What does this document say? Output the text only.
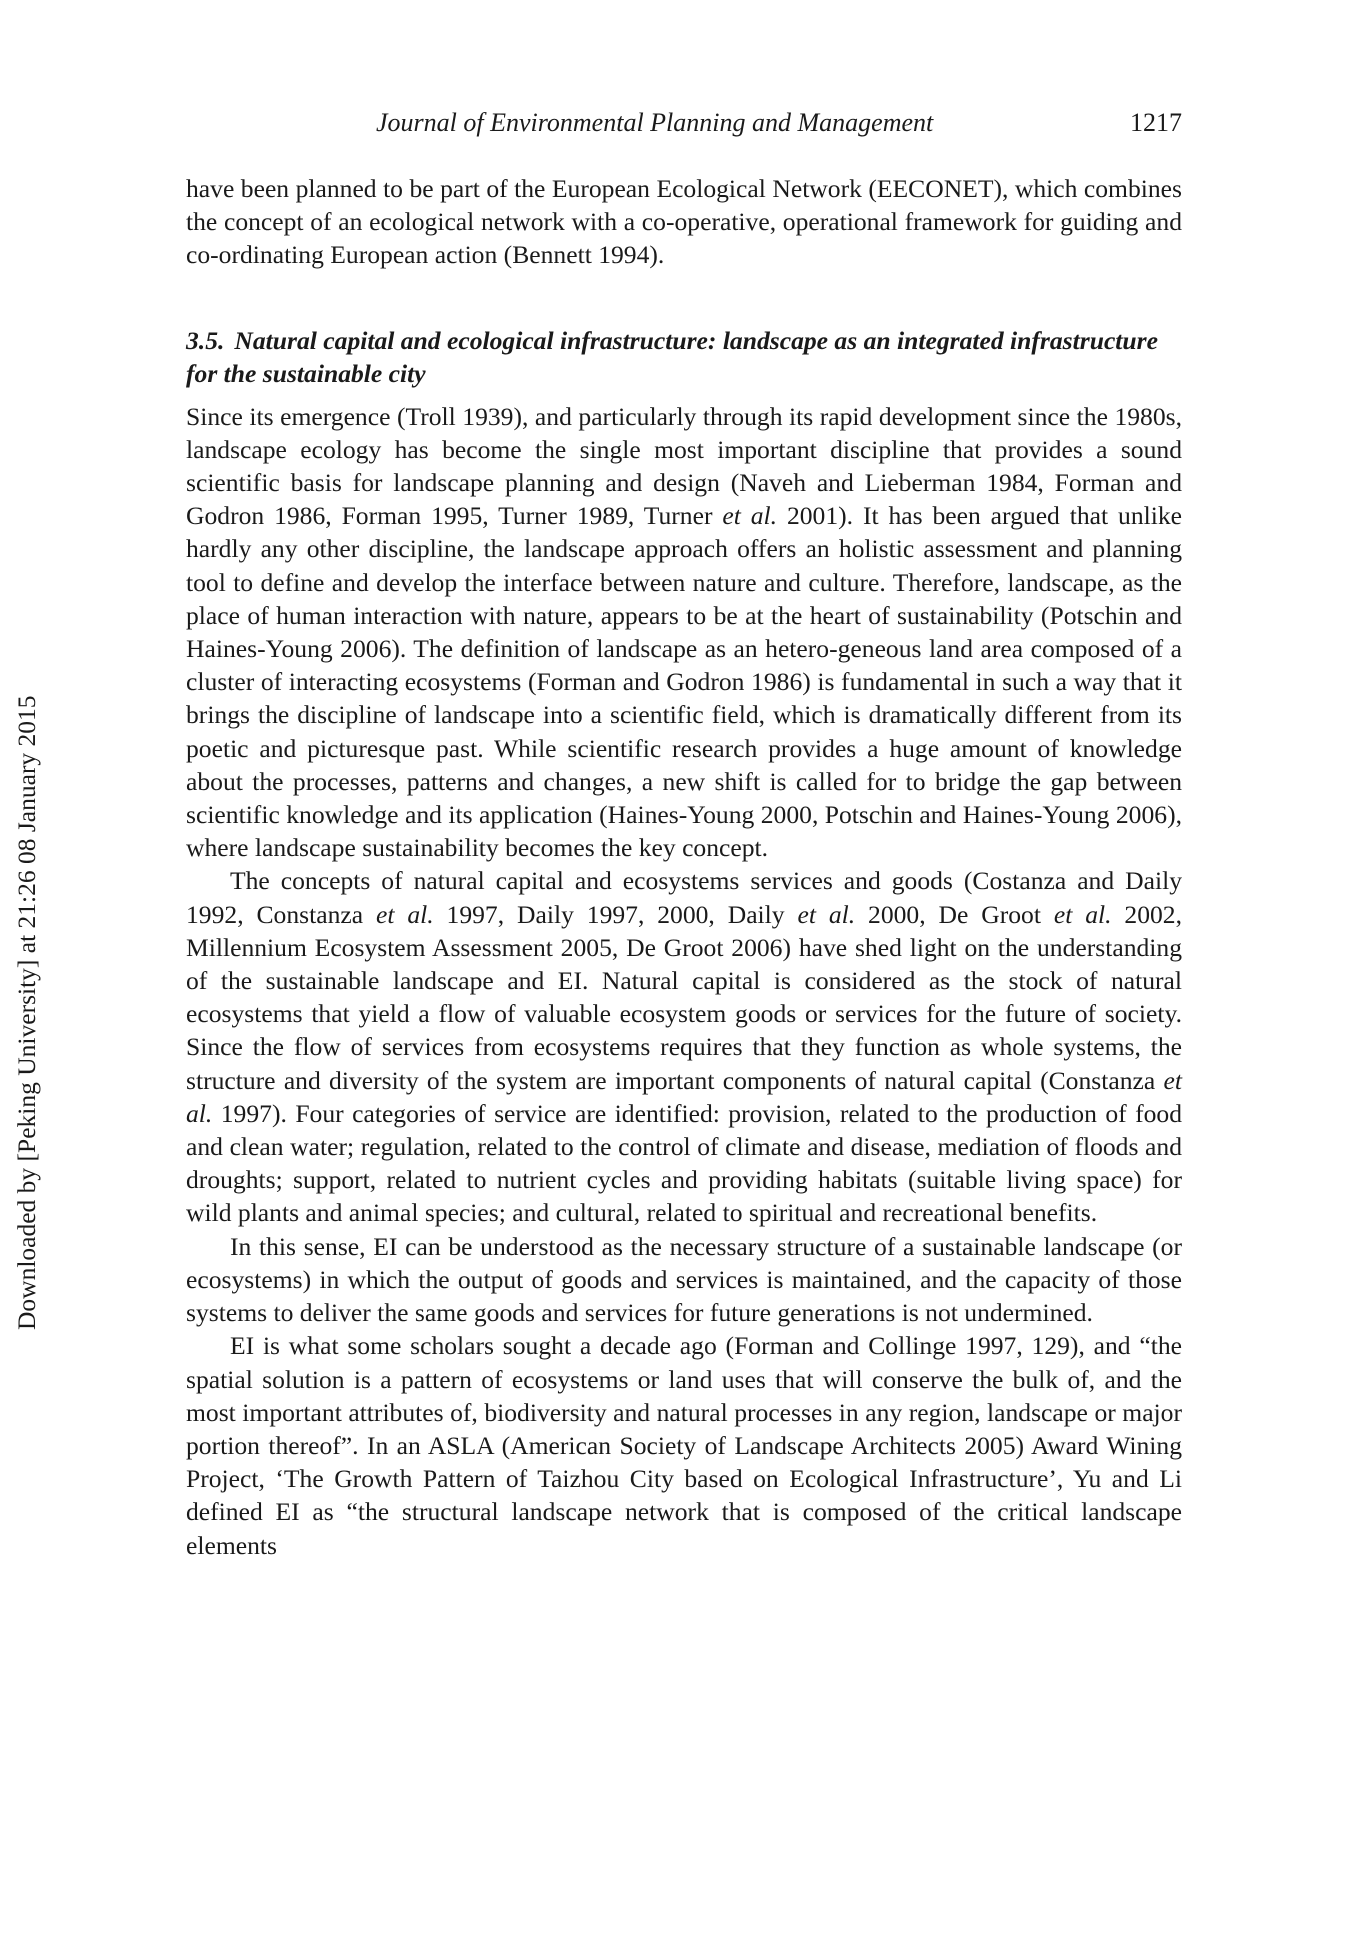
Journal of Environmental Planning and Management	1217
Downloaded by [Peking University] at 21:26 08 January 2015

have been planned to be part of the European Ecological Network (EECONET), which combines the concept of an ecological network with a co-operative, operational framework for guiding and co-ordinating European action (Bennett 1994).

3.5. Natural capital and ecological infrastructure: landscape as an integrated infrastructure for the sustainable city

Since its emergence (Troll 1939), and particularly through its rapid development since the 1980s, landscape ecology has become the single most important discipline that provides a sound scientific basis for landscape planning and design (Naveh and Lieberman 1984, Forman and Godron 1986, Forman 1995, Turner 1989, Turner et al. 2001). It has been argued that unlike hardly any other discipline, the landscape approach offers an holistic assessment and planning tool to define and develop the interface between nature and culture. Therefore, landscape, as the place of human interaction with nature, appears to be at the heart of sustainability (Potschin and Haines-Young 2006). The definition of landscape as an hetero-geneous land area composed of a cluster of interacting ecosystems (Forman and Godron 1986) is fundamental in such a way that it brings the discipline of landscape into a scientific field, which is dramatically different from its poetic and picturesque past. While scientific research provides a huge amount of knowledge about the processes, patterns and changes, a new shift is called for to bridge the gap between scientific knowledge and its application (Haines-Young 2000, Potschin and Haines-Young 2006), where landscape sustainability becomes the key concept.

The concepts of natural capital and ecosystems services and goods (Costanza and Daily 1992, Constanza et al. 1997, Daily 1997, 2000, Daily et al. 2000, De Groot et al. 2002, Millennium Ecosystem Assessment 2005, De Groot 2006) have shed light on the understanding of the sustainable landscape and EI. Natural capital is considered as the stock of natural ecosystems that yield a flow of valuable ecosystem goods or services for the future of society. Since the flow of services from ecosystems requires that they function as whole systems, the structure and diversity of the system are important components of natural capital (Constanza et al. 1997). Four categories of service are identified: provision, related to the production of food and clean water; regulation, related to the control of climate and disease, mediation of floods and droughts; support, related to nutrient cycles and providing habitats (suitable living space) for wild plants and animal species; and cultural, related to spiritual and recreational benefits.

In this sense, EI can be understood as the necessary structure of a sustainable landscape (or ecosystems) in which the output of goods and services is maintained, and the capacity of those systems to deliver the same goods and services for future generations is not undermined.

EI is what some scholars sought a decade ago (Forman and Collinge 1997, 129), and “the spatial solution is a pattern of ecosystems or land uses that will conserve the bulk of, and the most important attributes of, biodiversity and natural processes in any region, landscape or major portion thereof”. In an ASLA (American Society of Landscape Architects 2005) Award Wining Project, ‘The Growth Pattern of Taizhou City based on Ecological Infrastructure’, Yu and Li defined EI as “the structural landscape network that is composed of the critical landscape elements
